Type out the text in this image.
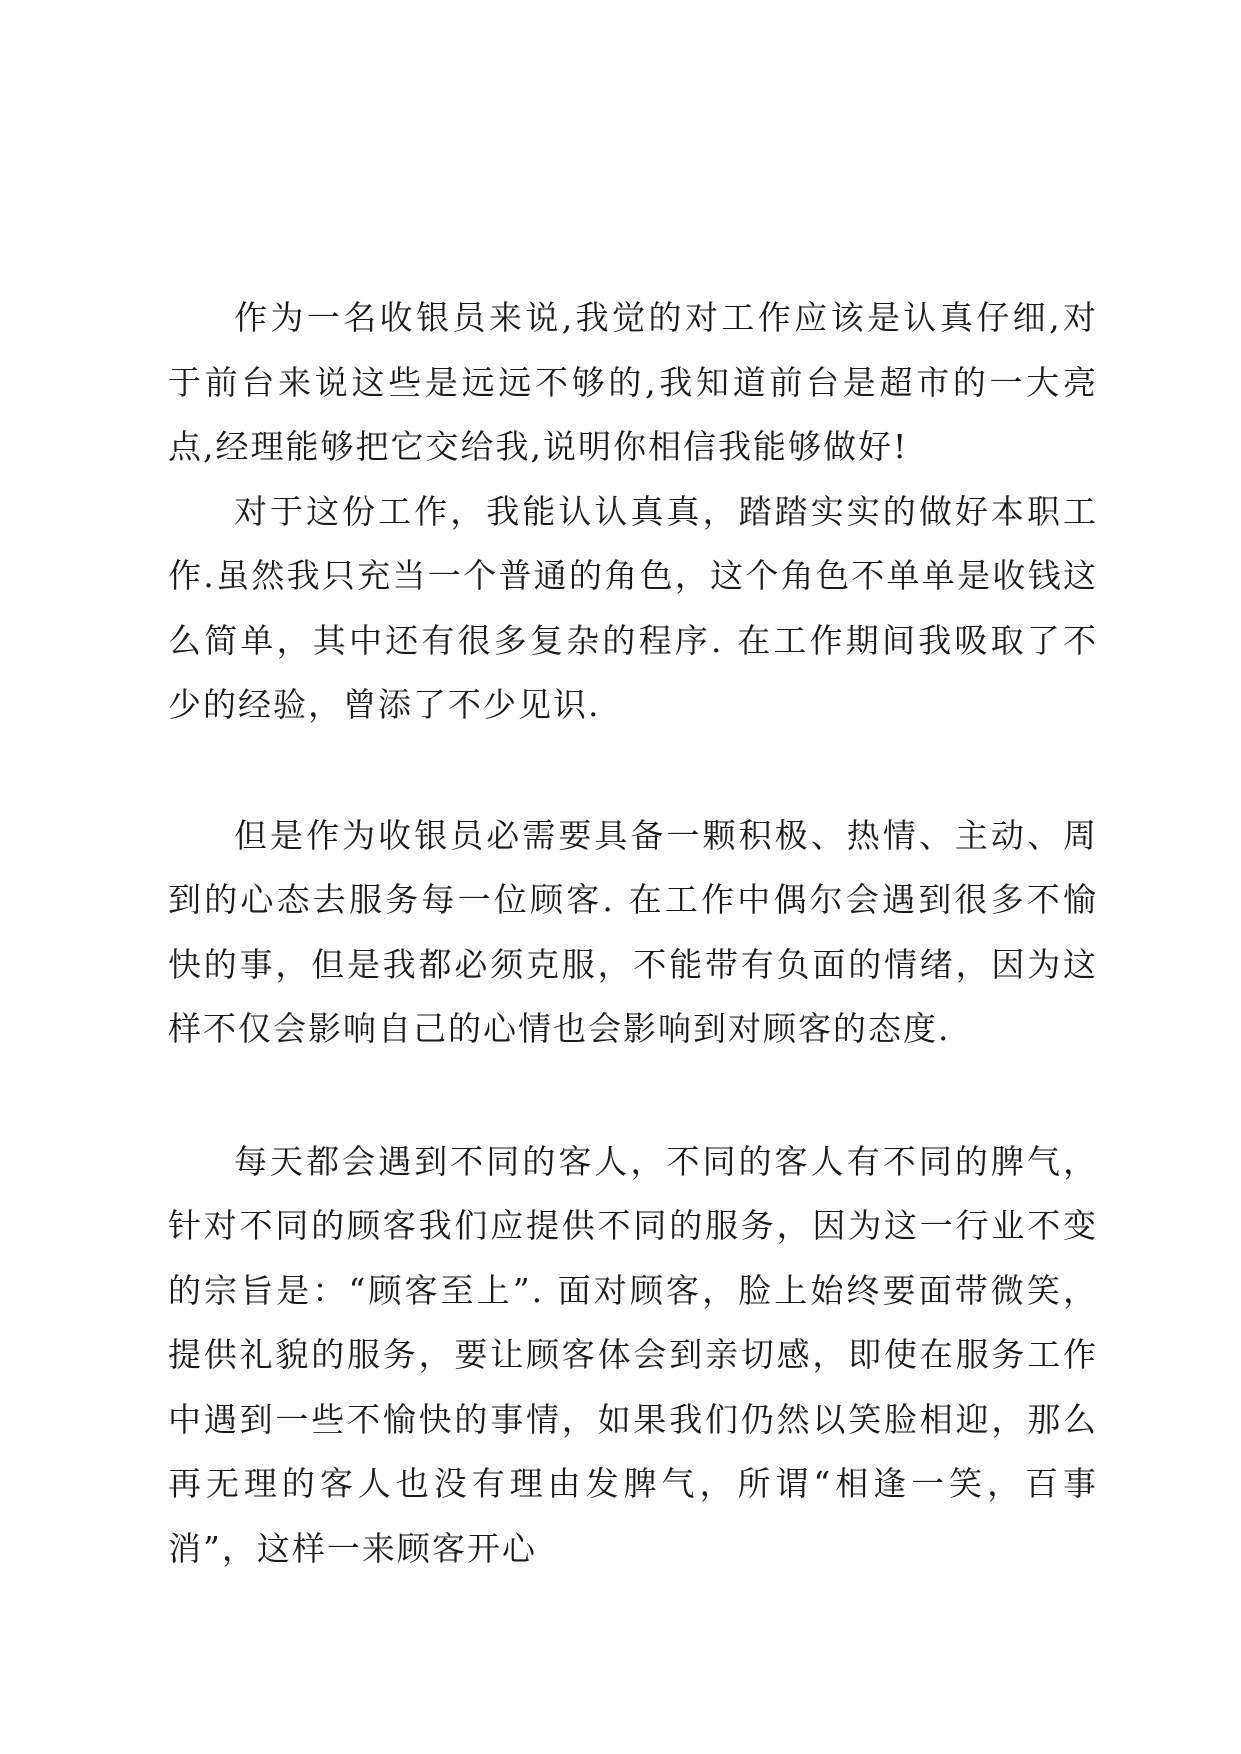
作为一名收银员来说,我觉的对工作应该是认真仔细,对于前台来说这些是远远不够的,我知道前台是超市的一大亮点,经理能够把它交给我,说明你相信我能够做好!

对于这份工作，我能认认真真，踏踏实实的做好本职工作.虽然我只充当一个普通的角色，这个角色不单单是收钱这么简单，其中还有很多复杂的程序. 在工作期间我吸取了不少的经验，曾添了不少见识.

但是作为收银员必需要具备一颗积极、热情、主动、周到的心态去服务每一位顾客. 在工作中偶尔会遇到很多不愉快的事，但是我都必须克服，不能带有负面的情绪，因为这样不仅会影响自己的心情也会影响到对顾客的态度.

每天都会遇到不同的客人，不同的客人有不同的脾气，针对不同的顾客我们应提供不同的服务，因为这一行业不变的宗旨是：“顾客至上”. 面对顾客，脸上始终要面带微笑，提供礼貌的服务，要让顾客体会到亲切感，即使在服务工作中遇到一些不愉快的事情，如果我们仍然以笑脸相迎，那么再无理的客人也没有理由发脾气，所谓“相逢一笑，百事消”，这样一来顾客开心
